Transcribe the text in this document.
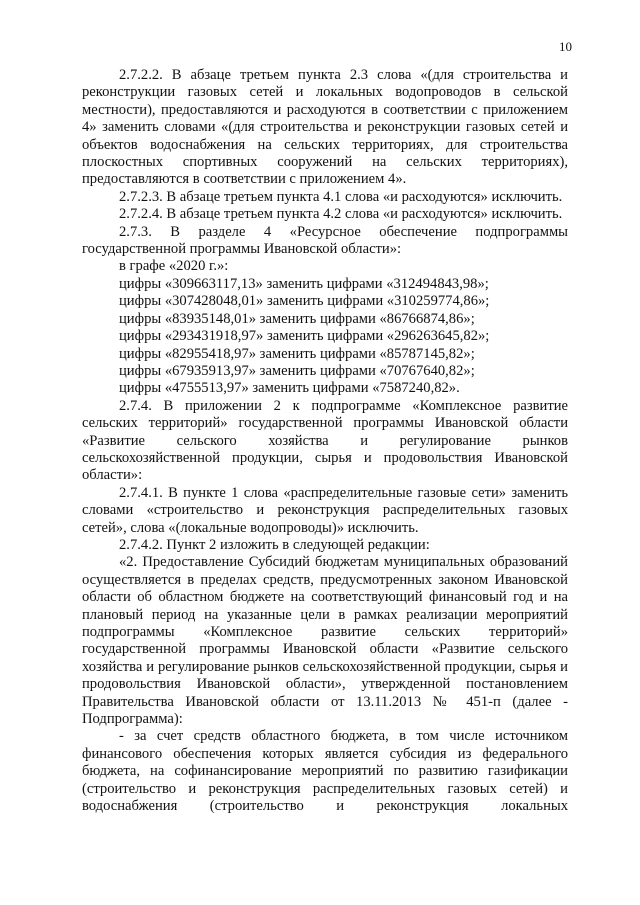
10

2.7.2.2. В абзаце третьем пункта 2.3 слова «(для строительства и реконструкции газовых сетей и локальных водопроводов в сельской местности), предоставляются и расходуются в соответствии с приложением 4» заменить словами «(для строительства и реконструкции газовых сетей и объектов водоснабжения на сельских территориях, для строительства плоскостных спортивных сооружений на сельских территориях), предоставляются в соответствии с приложением 4».

2.7.2.3. В абзаце третьем пункта 4.1 слова «и расходуются» исключить.

2.7.2.4. В абзаце третьем пункта 4.2 слова «и расходуются» исключить.

2.7.3. В разделе 4 «Ресурсное обеспечение подпрограммы государственной программы Ивановской области»:

в графе «2020 г.»:

цифры «309663117,13» заменить цифрами «312494843,98»;

цифры «307428048,01» заменить цифрами «310259774,86»;

цифры «83935148,01» заменить цифрами «86766874,86»;

цифры «293431918,97» заменить цифрами «296263645,82»;

цифры «82955418,97» заменить цифрами «85787145,82»;

цифры «67935913,97» заменить цифрами «70767640,82»;

цифры «4755513,97» заменить цифрами «7587240,82».

2.7.4. В приложении 2 к подпрограмме «Комплексное развитие сельских территорий» государственной программы Ивановской области «Развитие сельского хозяйства и регулирование рынков сельскохозяйственной продукции, сырья и продовольствия Ивановской области»:

2.7.4.1. В пункте 1 слова «распределительные газовые сети» заменить словами «строительство и реконструкция распределительных газовых сетей», слова «(локальные водопроводы)» исключить.

2.7.4.2. Пункт 2 изложить в следующей редакции:

«2. Предоставление Субсидий бюджетам муниципальных образований осуществляется в пределах средств, предусмотренных законом Ивановской области об областном бюджете на соответствующий финансовый год и на плановый период на указанные цели в рамках реализации мероприятий подпрограммы «Комплексное развитие сельских территорий» государственной программы Ивановской области «Развитие сельского хозяйства и регулирование рынков сельскохозяйственной продукции, сырья и продовольствия Ивановской области», утвержденной постановлением Правительства Ивановской области от 13.11.2013 № 451-п (далее - Подпрограмма):

- за счет средств областного бюджета, в том числе источником финансового обеспечения которых является субсидия из федерального бюджета, на софинансирование мероприятий по развитию газификации (строительство и реконструкция распределительных газовых сетей) и водоснабжения (строительство и реконструкция локальных
